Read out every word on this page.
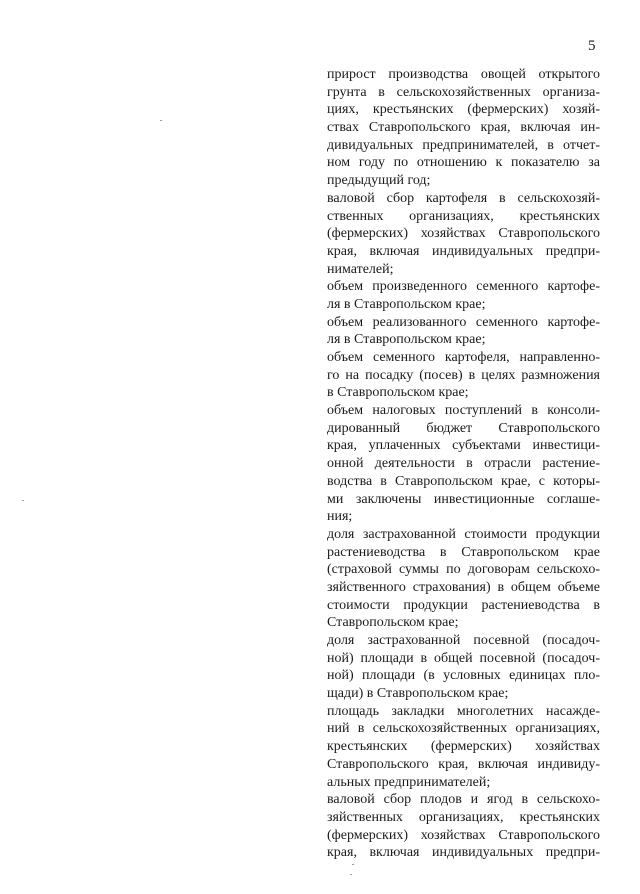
5
прирост производства овощей открытого
грунта в сельскохозяйственных организа-
циях, крестьянских (фермерских) хозяй-
ствах Ставропольского края, включая ин-
дивидуальных предпринимателей, в отчет-
ном году по отношению к показателю за
предыдущий год;
валовой сбор картофеля в сельскохозяй-
ственных организациях, крестьянских
(фермерских) хозяйствах Ставропольского
края, включая индивидуальных предпри-
нимателей;
объем произведенного семенного картофе-
ля в Ставропольском крае;
объем реализованного семенного картофе-
ля в Ставропольском крае;
объем семенного картофеля, направленно-
го на посадку (посев) в целях размножения
в Ставропольском крае;
объем налоговых поступлений в консоли-
дированный бюджет Ставропольского
края, уплаченных субъектами инвестици-
онной деятельности в отрасли растение-
водства в Ставропольском крае, с которы-
ми заключены инвестиционные соглаше-
ния;
доля застрахованной стоимости продукции
растениеводства в Ставропольском крае
(страховой суммы по договорам сельскохо-
зяйственного страхования) в общем объеме
стоимости продукции растениеводства в
Ставропольском крае;
доля застрахованной посевной (посадоч-
ной) площади в общей посевной (посадоч-
ной) площади (в условных единицах пло-
щади) в Ставропольском крае;
площадь закладки многолетних насажде-
ний в сельскохозяйственных организациях,
крестьянских (фермерских) хозяйствах
Ставропольского края, включая индивиду-
альных предпринимателей;
валовой сбор плодов и ягод в сельскохо-
зяйственных организациях, крестьянских
(фермерских) хозяйствах Ставропольского
края, включая индивидуальных предпри-
